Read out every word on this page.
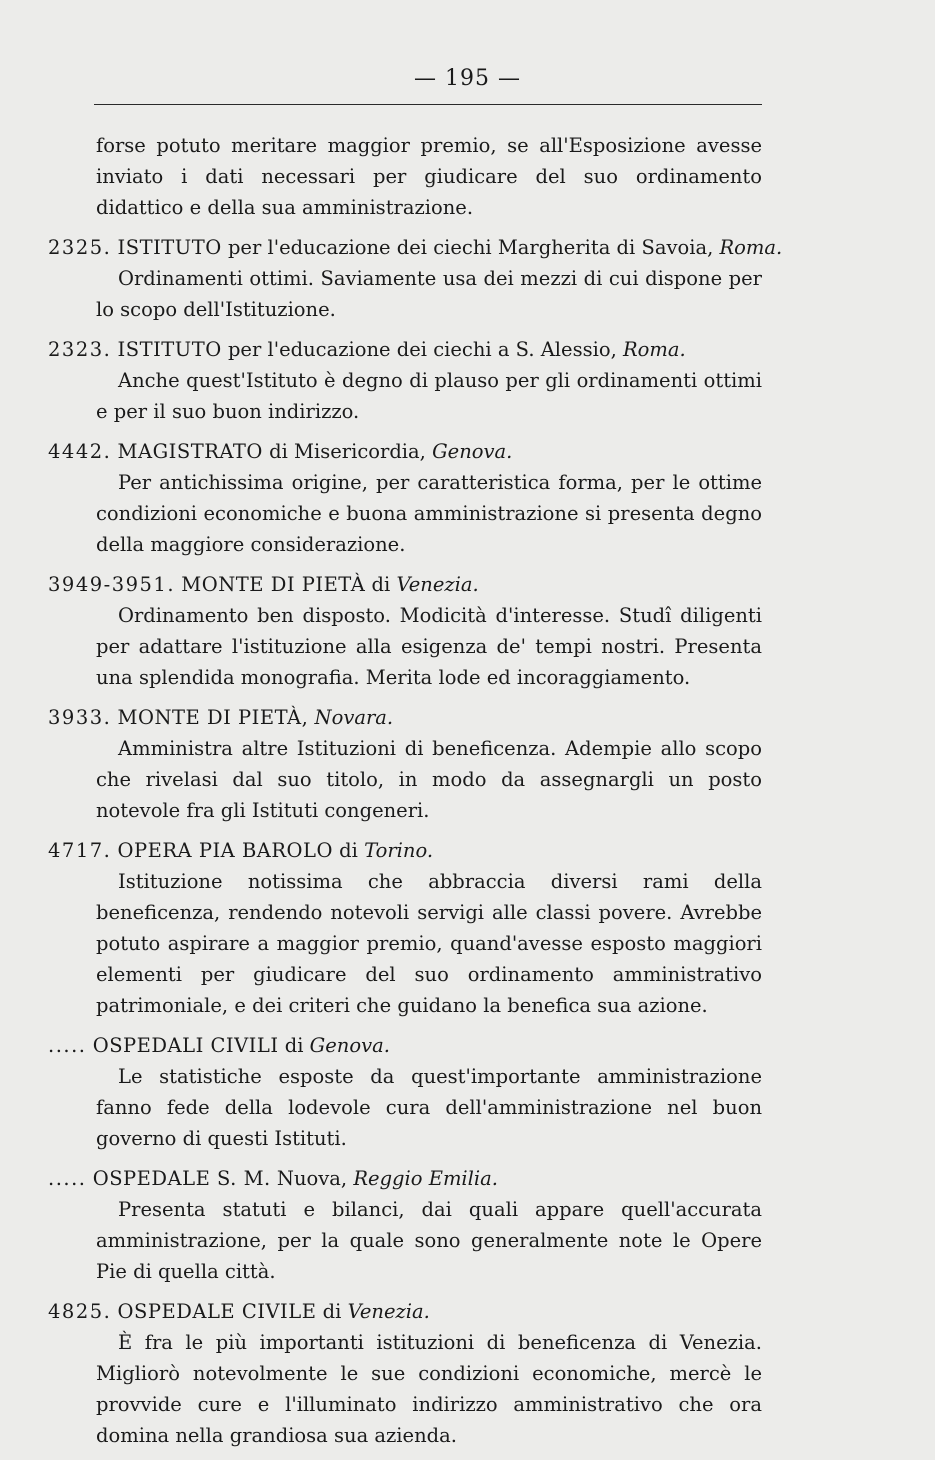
— 195 —

forse potuto meritare maggior premio, se all'Esposizione avesse inviato i dati necessari per giudicare del suo ordinamento didattico e della sua amministrazione.

2325. ISTITUTO per l'educazione dei ciechi Margherita di Savoia, Roma.

Ordinamenti ottimi. Saviamente usa dei mezzi di cui dispone per lo scopo dell'Istituzione.

2323. ISTITUTO per l'educazione dei ciechi a S. Alessio, Roma.

Anche quest'Istituto è degno di plauso per gli ordinamenti ottimi e per il suo buon indirizzo.

4442. MAGISTRATO di Misericordia, Genova.

Per antichissima origine, per caratteristica forma, per le ottime condizioni economiche e buona amministrazione si presenta degno della maggiore considerazione.

3949-3951. MONTE DI PIETÀ di Venezia.

Ordinamento ben disposto. Modicità d'interesse. Studî diligenti per adattare l'istituzione alla esigenza de' tempi nostri. Presenta una splendida monografia. Merita lode ed incoraggiamento.

3933. MONTE DI PIETÀ, Novara.

Amministra altre Istituzioni di beneficenza. Adempie allo scopo che rivelasi dal suo titolo, in modo da assegnargli un posto notevole fra gli Istituti congeneri.

4717. OPERA PIA BAROLO di Torino.

Istituzione notissima che abbraccia diversi rami della beneficenza, rendendo notevoli servigi alle classi povere. Avrebbe potuto aspirare a maggior premio, quand'avesse esposto maggiori elementi per giudicare del suo ordinamento amministrativo patrimoniale, e dei criteri che guidano la benefica sua azione.

..... OSPEDALI CIVILI di Genova.

Le statistiche esposte da quest'importante amministrazione fanno fede della lodevole cura dell'amministrazione nel buon governo di questi Istituti.

..... OSPEDALE S. M. Nuova, Reggio Emilia.

Presenta statuti e bilanci, dai quali appare quell'accurata amministrazione, per la quale sono generalmente note le Opere Pie di quella città.

4825. OSPEDALE CIVILE di Venezia.

È fra le più importanti istituzioni di beneficenza di Venezia. Migliorò notevolmente le sue condizioni economiche, mercè le provvide cure e l'illuminato indirizzo amministrativo che ora domina nella grandiosa sua azienda.
